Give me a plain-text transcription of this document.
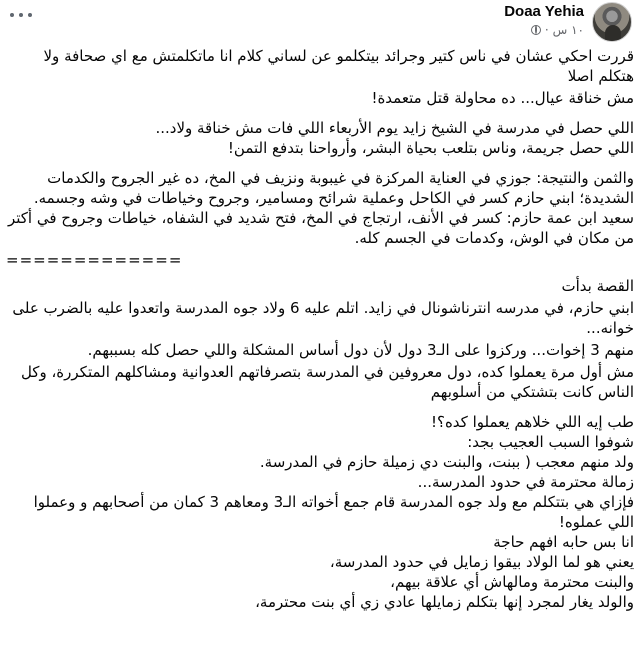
Doaa Yehia
١٠ س
·

قررت احكي عشان في ناس كتير وجرائد بيتكلمو عن لساني كلام انا ماتكلمتش مع اي صحافة ولا هتكلم اصلا

مش خناقة عيال... ده محاولة قتل متعمدة!

اللي حصل في مدرسة في الشيخ زايد يوم الأربعاء اللي فات مش خناقة ولاد...
اللي حصل جريمة، وناس بتلعب بحياة البشر، وأرواحنا بتدفع التمن!

والثمن والنتيجة: جوزي في العناية المركزة في غيبوبة ونزيف في المخ، ده غير الجروح والكدمات الشديدة؛ ابني حازم كسر في الكاحل وعملية شرائح ومسامير، وجروح وخياطات في وشه وجسمه. سعيد ابن عمة حازم: كسر في الأنف، ارتجاج في المخ، فتح شديد في الشفاه، خياطات وجروح في أكتر من مكان في الوش، وكدمات في الجسم كله.

=============

القصة بدأت

ابني حازم، في مدرسه انترناشونال في زايد. اتلم عليه 6 ولاد جوه المدرسة واتعدوا عليه بالضرب على خوانه...

منهم 3 إخوات... وركزوا على الـ3 دول لأن دول أساس المشكلة واللي حصل كله بسببهم.

مش أول مرة يعملوا كده، دول معروفين في المدرسة بتصرفاتهم العدوانية ومشاكلهم المتكررة، وكل الناس كانت بتشتكي من أسلوبهم

طب إيه اللي خلاهم يعملوا كده؟!
شوفوا السبب العجيب بجد:
ولد منهم معجب ( ببنت، والبنت دي زميلة حازم في المدرسة.
زمالة محترمة في حدود المدرسة...
فإزاي هي بتتكلم مع ولد جوه المدرسة قام جمع أخواته الـ3 ومعاهم 3 كمان من أصحابهم و وعملوا اللي عملوه!
انا بس حابه افهم حاجة
يعني هو لما الولاد بيقوا زمايل في حدود المدرسة،
والبنت محترمة ومالهاش أي علاقة بيهم،
والولد يغار لمجرد إنها بتكلم زمايلها عادي زي أي بنت محترمة،
